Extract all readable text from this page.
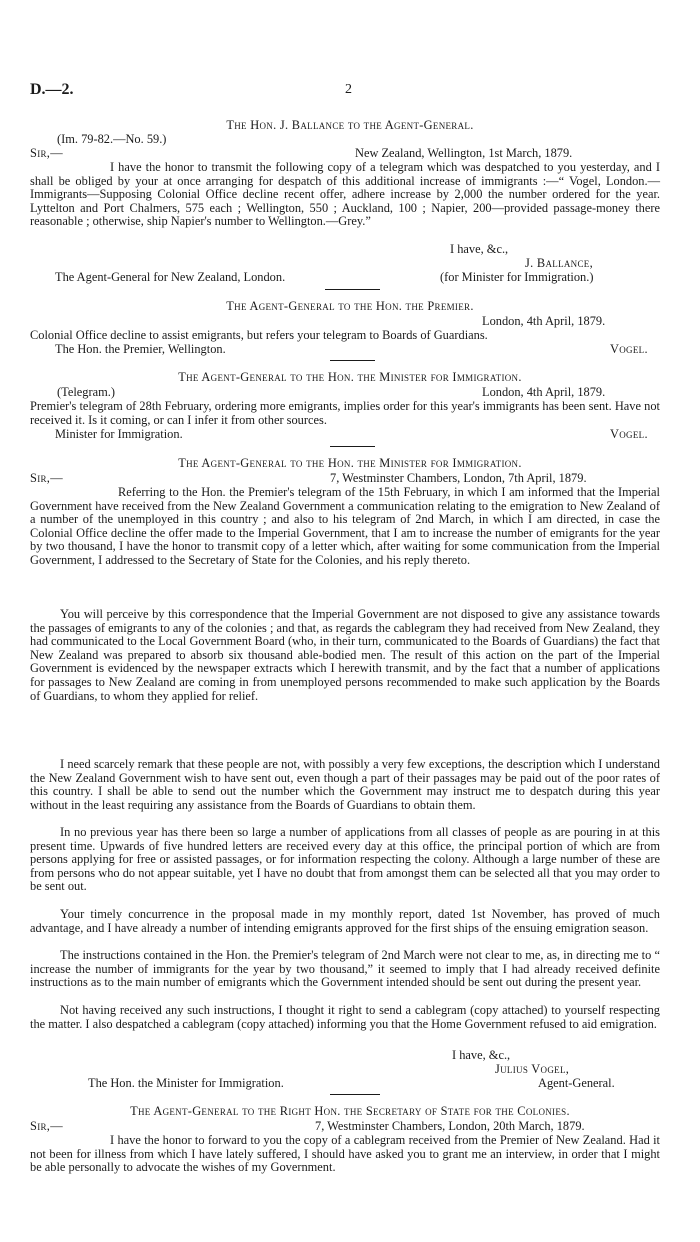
D.—2.	2
The Hon. J. Ballance to the Agent-General.
(Im. 79-82.—No. 59.)
Sir,—	New Zealand, Wellington, 1st March, 1879.
I have the honor to transmit the following copy of a telegram which was despatched to you yesterday, and I shall be obliged by your at once arranging for despatch of this additional increase of immigrants :—“ Vogel, London.—Immigrants—Supposing Colonial Office decline recent offer, adhere increase by 2,000 the number ordered for the year. Lyttelton and Port Chalmers, 575 each ; Wellington, 550 ; Auckland, 100 ; Napier, 200—provided passage-money there reasonable ; otherwise, ship Napier's number to Wellington.—Grey.”
I have, &c.,
J. Ballance,
The Agent-General for New Zealand, London.	(for Minister for Immigration.)
The Agent-General to the Hon. the Premier.
London, 4th April, 1879.
Colonial Office decline to assist emigrants, but refers your telegram to Boards of Guardians.
The Hon. the Premier, Wellington.	Vogel.
The Agent-General to the Hon. the Minister for Immigration.
(Telegram.)	London, 4th April, 1879.
Premier's telegram of 28th February, ordering more emigrants, implies order for this year's immigrants has been sent. Have not received it. Is it coming, or can I infer it from other sources.
Minister for Immigration.	Vogel.
The Agent-General to the Hon. the Minister for Immigration.
Sir,—	7, Westminster Chambers, London, 7th April, 1879.
Referring to the Hon. the Premier's telegram of the 15th February, in which I am informed that the Imperial Government have received from the New Zealand Government a communication relating to the emigration to New Zealand of a number of the unemployed in this country ; and also to his telegram of 2nd March, in which I am directed, in case the Colonial Office decline the offer made to the Imperial Government, that I am to increase the number of emigrants for the year by two thousand, I have the honor to transmit copy of a letter which, after waiting for some communication from the Imperial Government, I addressed to the Secretary of State for the Colonies, and his reply thereto.
You will perceive by this correspondence that the Imperial Government are not disposed to give any assistance towards the passages of emigrants to any of the colonies ; and that, as regards the cablegram they had received from New Zealand, they had communicated to the Local Government Board (who, in their turn, communicated to the Boards of Guardians) the fact that New Zealand was prepared to absorb six thousand able-bodied men. The result of this action on the part of the Imperial Government is evidenced by the newspaper extracts which I herewith transmit, and by the fact that a number of applications for passages to New Zealand are coming in from unemployed persons recommended to make such application by the Boards of Guardians, to whom they applied for relief.
I need scarcely remark that these people are not, with possibly a very few exceptions, the description which I understand the New Zealand Government wish to have sent out, even though a part of their passages may be paid out of the poor rates of this country. I shall be able to send out the number which the Government may instruct me to despatch during this year without in the least requiring any assistance from the Boards of Guardians to obtain them.
In no previous year has there been so large a number of applications from all classes of people as are pouring in at this present time. Upwards of five hundred letters are received every day at this office, the principal portion of which are from persons applying for free or assisted passages, or for information respecting the colony. Although a large number of these are from persons who do not appear suitable, yet I have no doubt that from amongst them can be selected all that you may order to be sent out.
Your timely concurrence in the proposal made in my monthly report, dated 1st November, has proved of much advantage, and I have already a number of intending emigrants approved for the first ships of the ensuing emigration season.
The instructions contained in the Hon. the Premier's telegram of 2nd March were not clear to me, as, in directing me to “ increase the number of immigrants for the year by two thousand,” it seemed to imply that I had already received definite instructions as to the main number of emigrants which the Government intended should be sent out during the present year.
Not having received any such instructions, I thought it right to send a cablegram (copy attached) to yourself respecting the matter. I also despatched a cablegram (copy attached) informing you that the Home Government refused to aid emigration.
I have, &c.,
Julius Vogel,
The Hon. the Minister for Immigration.	Agent-General.
The Agent-General to the Right Hon. the Secretary of State for the Colonies.
Sir,—	7, Westminster Chambers, London, 20th March, 1879.
I have the honor to forward to you the copy of a cablegram received from the Premier of New Zealand. Had it not been for illness from which I have lately suffered, I should have asked you to grant me an interview, in order that I might be able personally to advocate the wishes of my Government.
